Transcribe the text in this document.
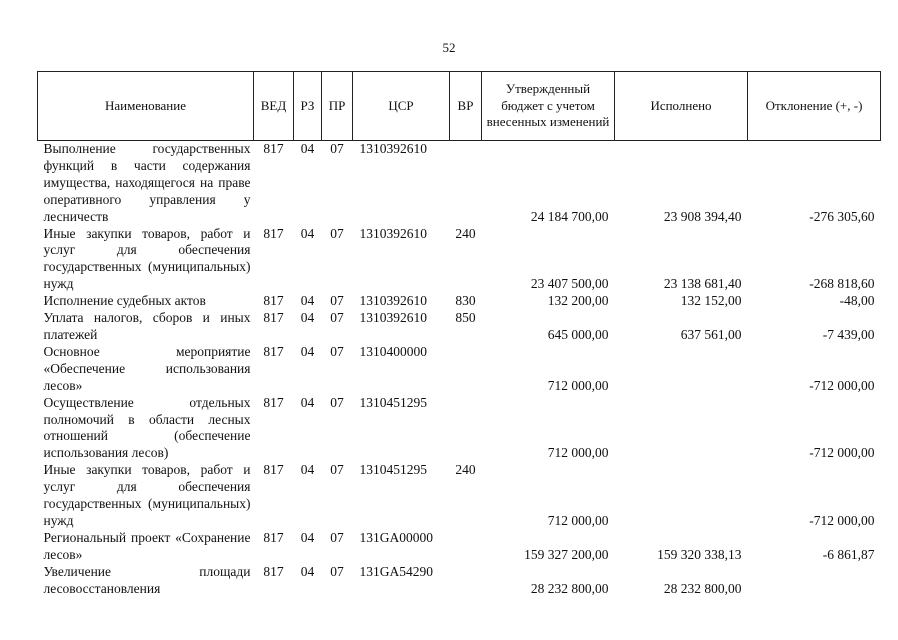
52
Наименование	ВЕД	РЗ	ПР	ЦСР	ВР	Утвержденный бюджет с учетом внесенных изменений	Исполнено	Отклонение (+, -)
Выполнение государственных функций в части содержания имущества, находящегося на праве оперативного управления у лесничеств	817	04	07	1310392610		24 184 700,00	23 908 394,40	-276 305,60
Иные закупки товаров, работ и услуг для обеспечения государственных (муниципальных) нужд	817	04	07	1310392610	240	23 407 500,00	23 138 681,40	-268 818,60
Исполнение судебных актов	817	04	07	1310392610	830	132 200,00	132 152,00	-48,00
Уплата налогов, сборов и иных платежей	817	04	07	1310392610	850	645 000,00	637 561,00	-7 439,00
Основное мероприятие «Обеспечение использования лесов»	817	04	07	1310400000		712 000,00		-712 000,00
Осуществление отдельных полномочий в области лесных отношений (обеспечение использования лесов)	817	04	07	1310451295		712 000,00		-712 000,00
Иные закупки товаров, работ и услуг для обеспечения государственных (муниципальных) нужд	817	04	07	1310451295	240	712 000,00		-712 000,00
Региональный проект «Сохранение лесов»	817	04	07	131GA00000		159 327 200,00	159 320 338,13	-6 861,87
Увеличение площади лесовосстановления	817	04	07	131GA54290		28 232 800,00	28 232 800,00	
